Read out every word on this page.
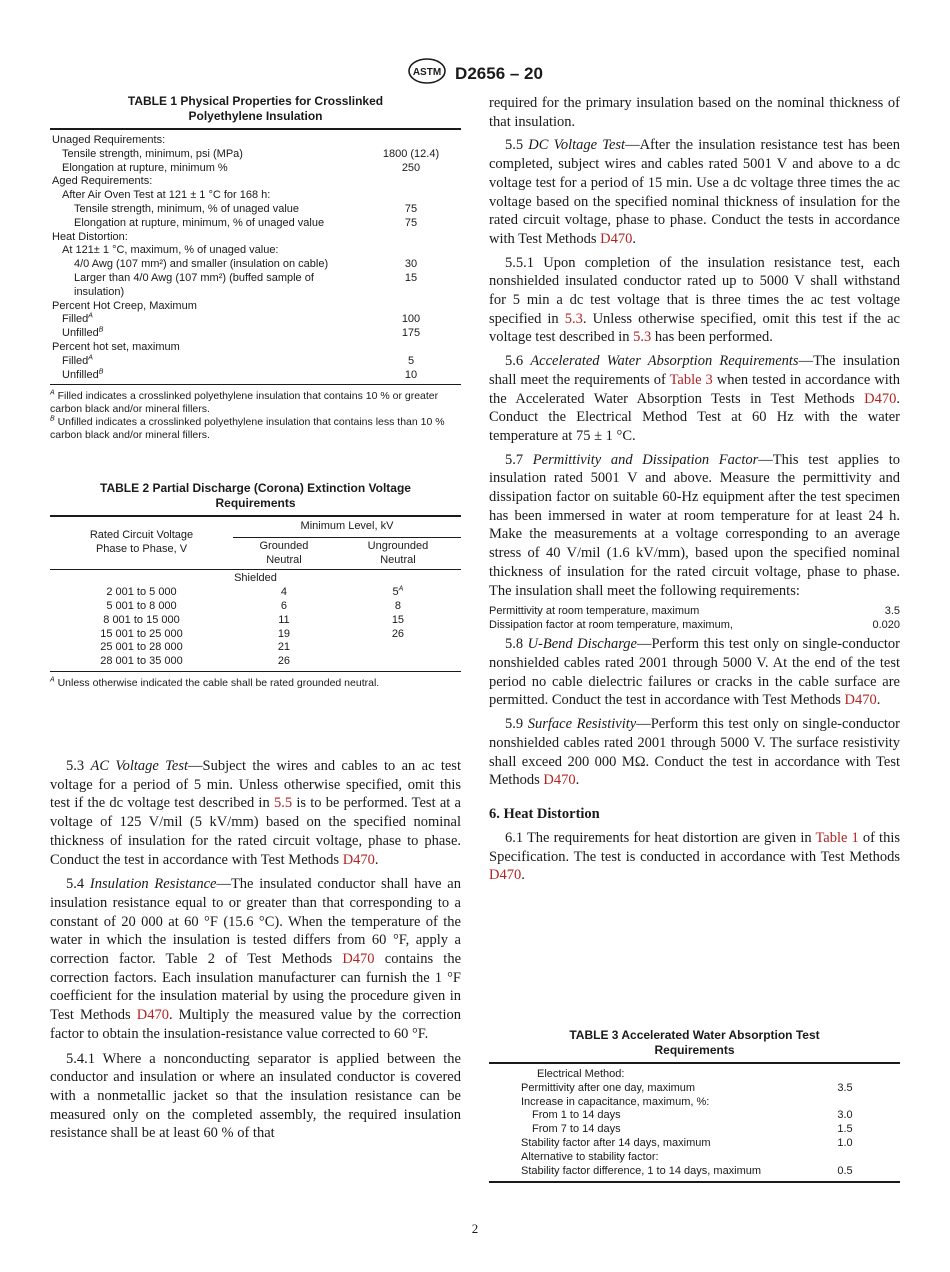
ASTM D2656 – 20
TABLE 1 Physical Properties for Crosslinked
Polyethylene Insulation
Unaged Requirements:
Tensile strength, minimum, psi (MPa)	1800 (12.4)
Elongation at rupture, minimum %	250
Aged Requirements:
After Air Oven Test at 121 ± 1 °C for 168 h:
Tensile strength, minimum, % of unaged value	75
Elongation at rupture, minimum, % of unaged value	75
Heat Distortion:
At 121± 1 °C, maximum, % of unaged value:
4/0 Awg (107 mm²) and smaller (insulation on cable)	30
Larger than 4/0 Awg (107 mm²) (buffed sample of	15
insulation)
Percent Hot Creep, Maximum
Filled$^A$	100
Unfilled$^B$	175
Percent hot set, maximum
Filled$^A$	5
Unfilled$^B$	10
$^A$ Filled indicates a crosslinked polyethylene insulation that contains 10 % or greater carbon black and/or mineral fillers.
$^B$ Unfilled indicates a crosslinked polyethylene insulation that contains less than 10 % carbon black and/or mineral fillers.
TABLE 2 Partial Discharge (Corona) Extinction Voltage
Requirements
Rated Circuit Voltage
Phase to Phase, V	Minimum Level, kV	
	Grounded
Neutral	Ungrounded
Neutral
Shielded		
2 001 to 5 000	4	$5^A$
5 001 to 8 000	6	8
8 001 to 15 000	11	15
15 001 to 25 000	19	26
25 001 to 28 000	21	
28 001 to 35 000	26	
$^A$ Unless otherwise indicated the cable shall be rated grounded neutral.

5.3 AC Voltage Test—Subject the wires and cables to an ac test voltage for a period of 5 min. Unless otherwise specified, omit this test if the dc voltage test described in 5.5 is to be performed. Test at a voltage of 125 V/mil (5 kV/mm) based on the specified nominal thickness of insulation for the rated circuit voltage, phase to phase. Conduct the test in accordance with Test Methods D470.

5.4 Insulation Resistance—The insulated conductor shall have an insulation resistance equal to or greater than that corresponding to a constant of 20 000 at 60 °F (15.6 °C). When the temperature of the water in which the insulation is tested differs from 60 °F, apply a correction factor. Table 2 of Test Methods D470 contains the correction factors. Each insulation manufacturer can furnish the 1 °F coefficient for the insulation material by using the procedure given in Test Methods D470. Multiply the measured value by the correction factor to obtain the insulation-resistance value corrected to 60 °F.

5.4.1 Where a nonconducting separator is applied between the conductor and insulation or where an insulated conductor is covered with a nonmetallic jacket so that the insulation resistance can be measured only on the completed assembly, the required insulation resistance shall be at least 60 % of that

required for the primary insulation based on the nominal thickness of that insulation.

5.5 DC Voltage Test—After the insulation resistance test has been completed, subject wires and cables rated 5001 V and above to a dc voltage test for a period of 15 min. Use a dc voltage three times the ac voltage based on the specified nominal thickness of insulation for the rated circuit voltage, phase to phase. Conduct the tests in accordance with Test Methods D470.

5.5.1 Upon completion of the insulation resistance test, each nonshielded insulated conductor rated up to 5000 V shall withstand for 5 min a dc test voltage that is three times the ac test voltage specified in 5.3. Unless otherwise specified, omit this test if the ac voltage test described in 5.3 has been performed.

5.6 Accelerated Water Absorption Requirements—The insulation shall meet the requirements of Table 3 when tested in accordance with the Accelerated Water Absorption Tests in Test Methods D470. Conduct the Electrical Method Test at 60 Hz with the water temperature at 75 ± 1 °C.

5.7 Permittivity and Dissipation Factor—This test applies to insulation rated 5001 V and above. Measure the permittivity and dissipation factor on suitable 60-Hz equipment after the test specimen has been immersed in water at room temperature for at least 24 h. Make the measurements at a voltage corresponding to an average stress of 40 V/mil (1.6 kV/mm), based upon the specified nominal thickness of insulation for the rated circuit voltage, phase to phase. The insulation shall meet the following requirements:

Permittivity at room temperature, maximum	3.5
Dissipation factor at room temperature, maximum,	0.020

5.8 U-Bend Discharge—Perform this test only on single-conductor nonshielded cables rated 2001 through 5000 V. At the end of the test period no cable dielectric failures or cracks in the cable surface are permitted. Conduct the test in accordance with Test Methods D470.

5.9 Surface Resistivity—Perform this test only on single-conductor nonshielded cables rated 2001 through 5000 V. The surface resistivity shall exceed 200 000 MΩ. Conduct the test in accordance with Test Methods D470.

6. Heat Distortion

6.1 The requirements for heat distortion are given in Table 1 of this Specification. The test is conducted in accordance with Test Methods D470.

TABLE 3 Accelerated Water Absorption Test
Requirements
Electrical Method:
Permittivity after one day, maximum	3.5
Increase in capacitance, maximum, %:
From 1 to 14 days	3.0
From 7 to 14 days	1.5
Stability factor after 14 days, maximum	1.0
Alternative to stability factor:
Stability factor difference, 1 to 14 days, maximum	0.5
2
